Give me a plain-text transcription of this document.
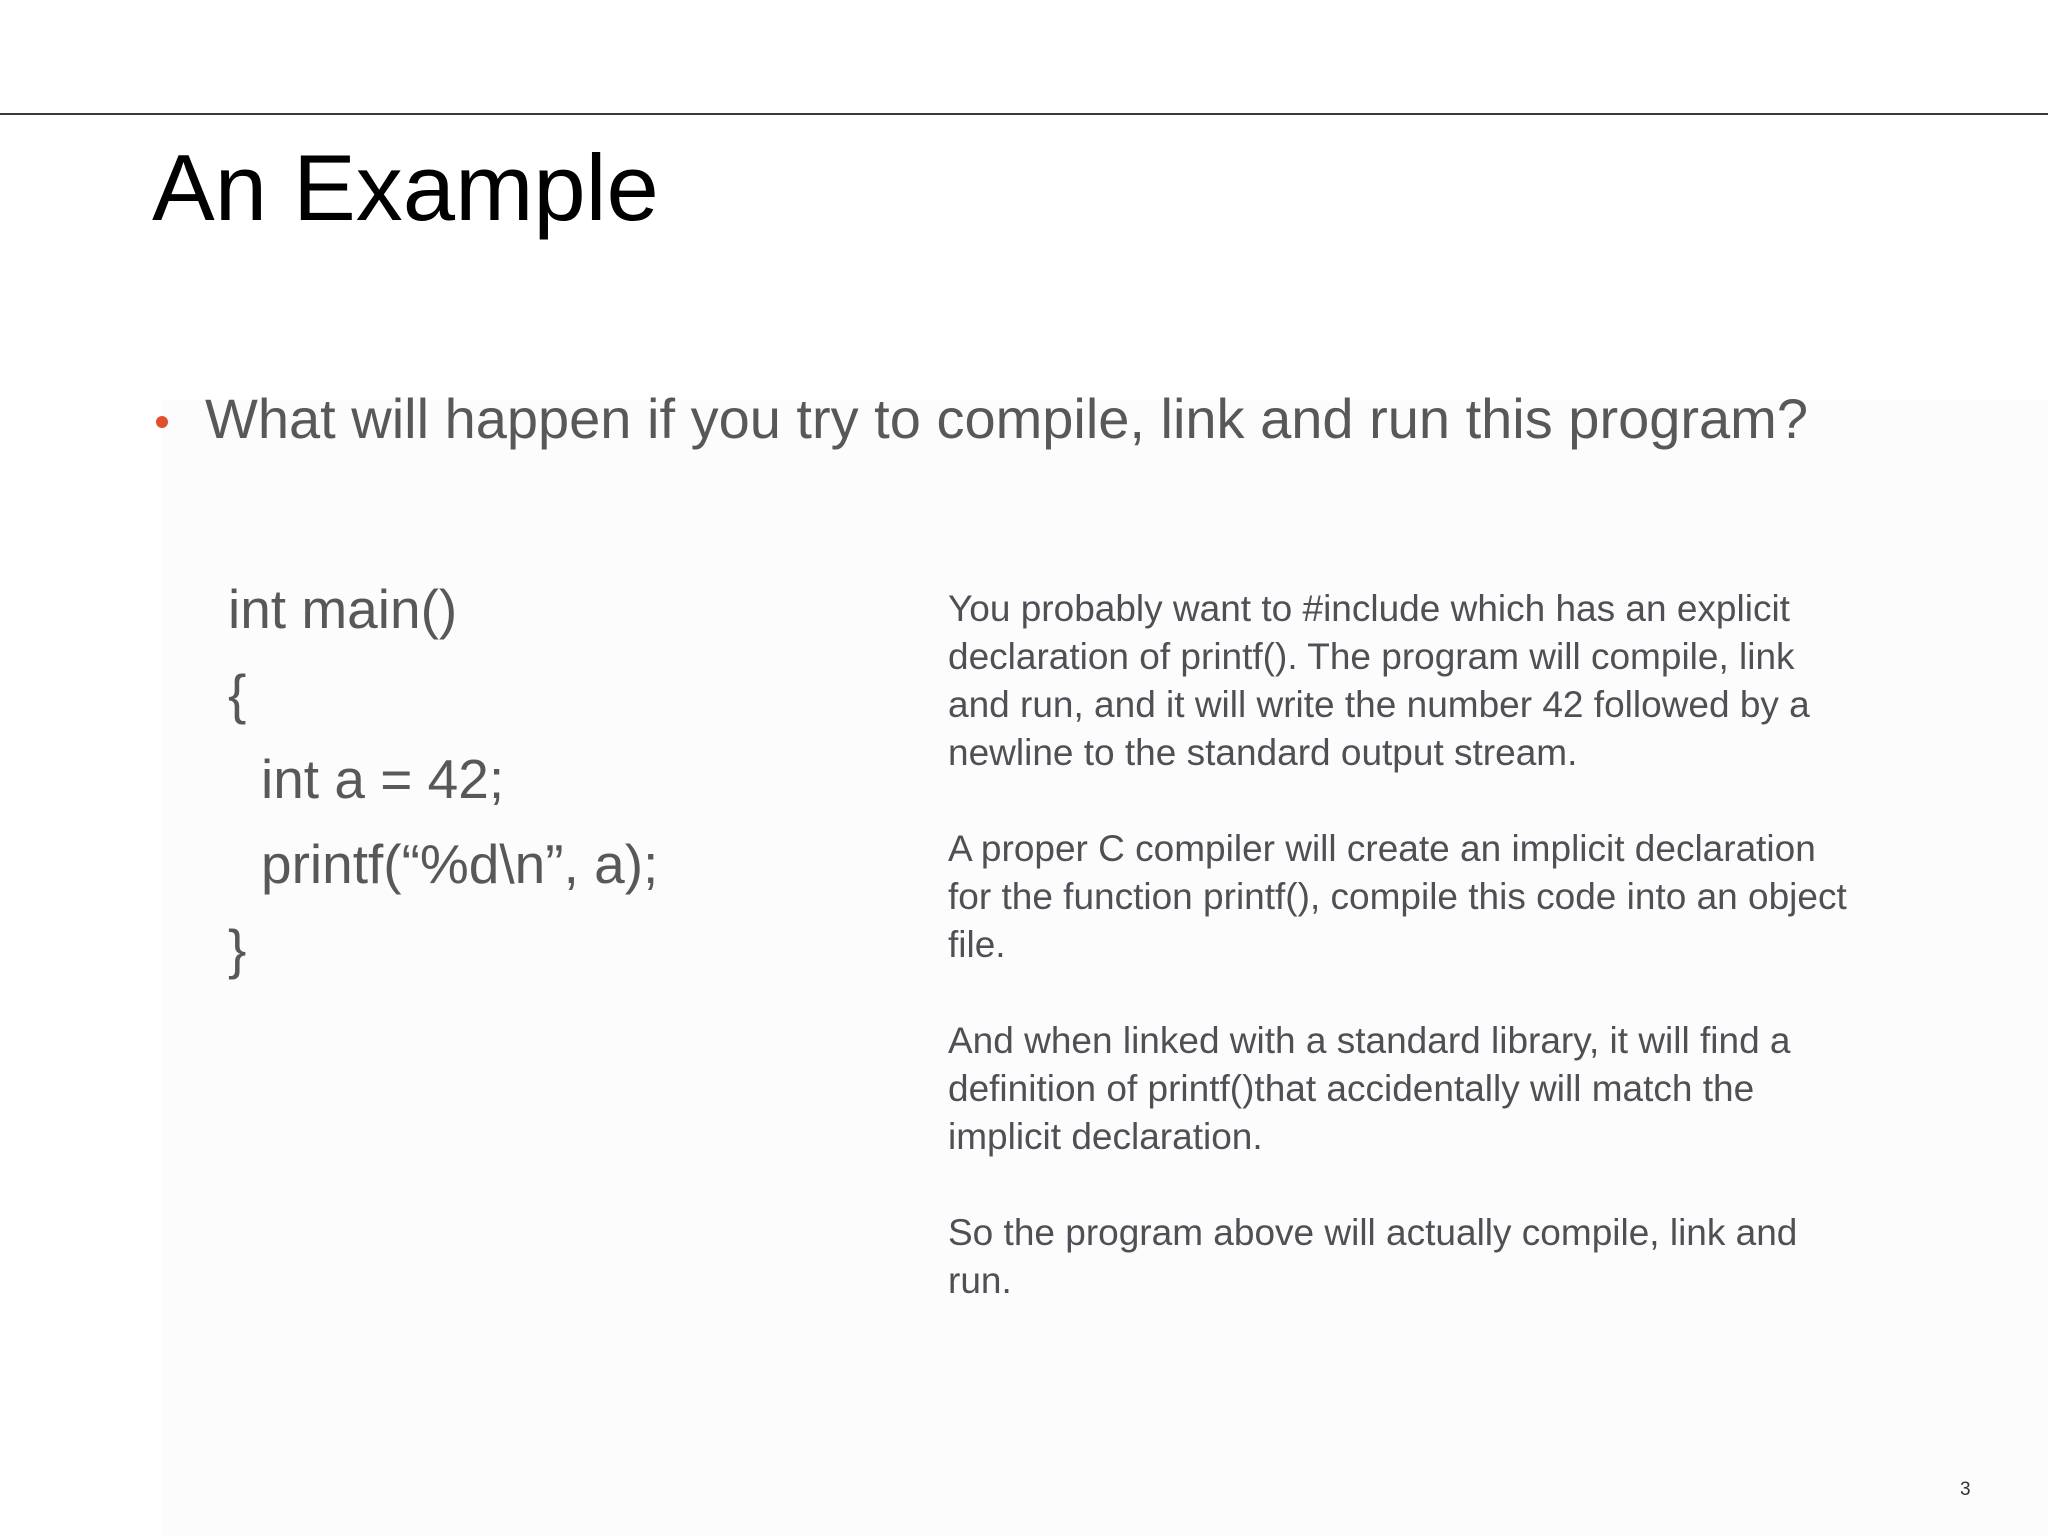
An Example
What will happen if you try to compile, link and run this program?
int main()
{
int a = 42;
printf(“%d\n”, a);
}

You probably want to #include which has an explicit declaration of printf(). The program will compile, link and run, and it will write the number 42 followed by a newline to the standard output stream.

A proper C compiler will create an implicit declaration for the function printf(), compile this code into an object file.

And when linked with a standard library, it will find a definition of printf()that accidentally will match the implicit declaration.

So the program above will actually compile, link and run.

3
